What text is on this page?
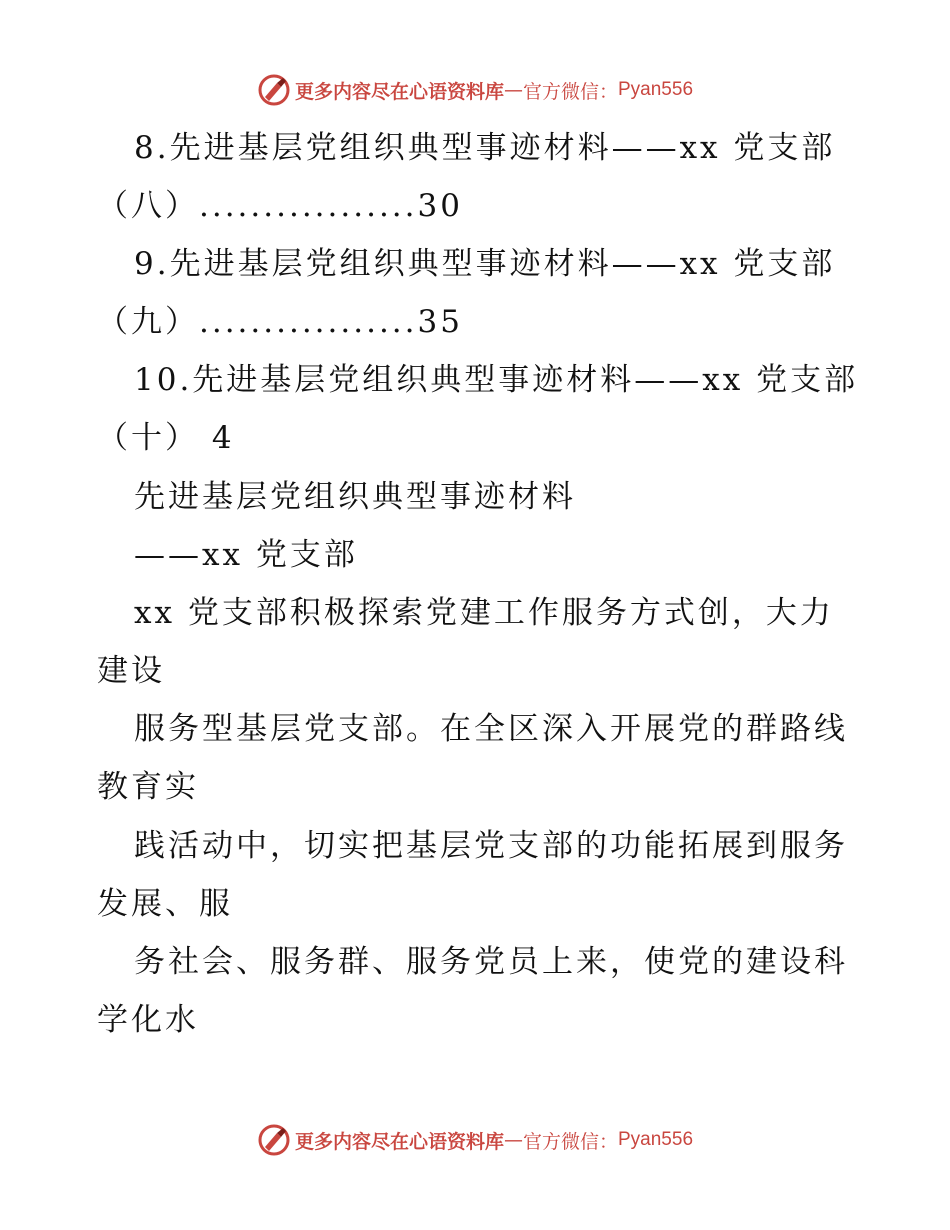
更多内容尽在心语资料库 — 官方微信： Pyan556
8.先进基层党组织典型事迹材料——xx 党支部
（八）.................30
9.先进基层党组织典型事迹材料——xx 党支部
（九）.................35
10.先进基层党组织典型事迹材料——xx 党支部
（十） 4
先进基层党组织典型事迹材料
——xx 党支部
xx 党支部积极探索党建工作服务方式创，大力
建设
服务型基层党支部。在全区深入开展党的群路线
教育实
践活动中，切实把基层党支部的功能拓展到服务
发展、服
务社会、服务群、服务党员上来，使党的建设科
学化水
更多内容尽在心语资料库 — 官方微信： Pyan556
